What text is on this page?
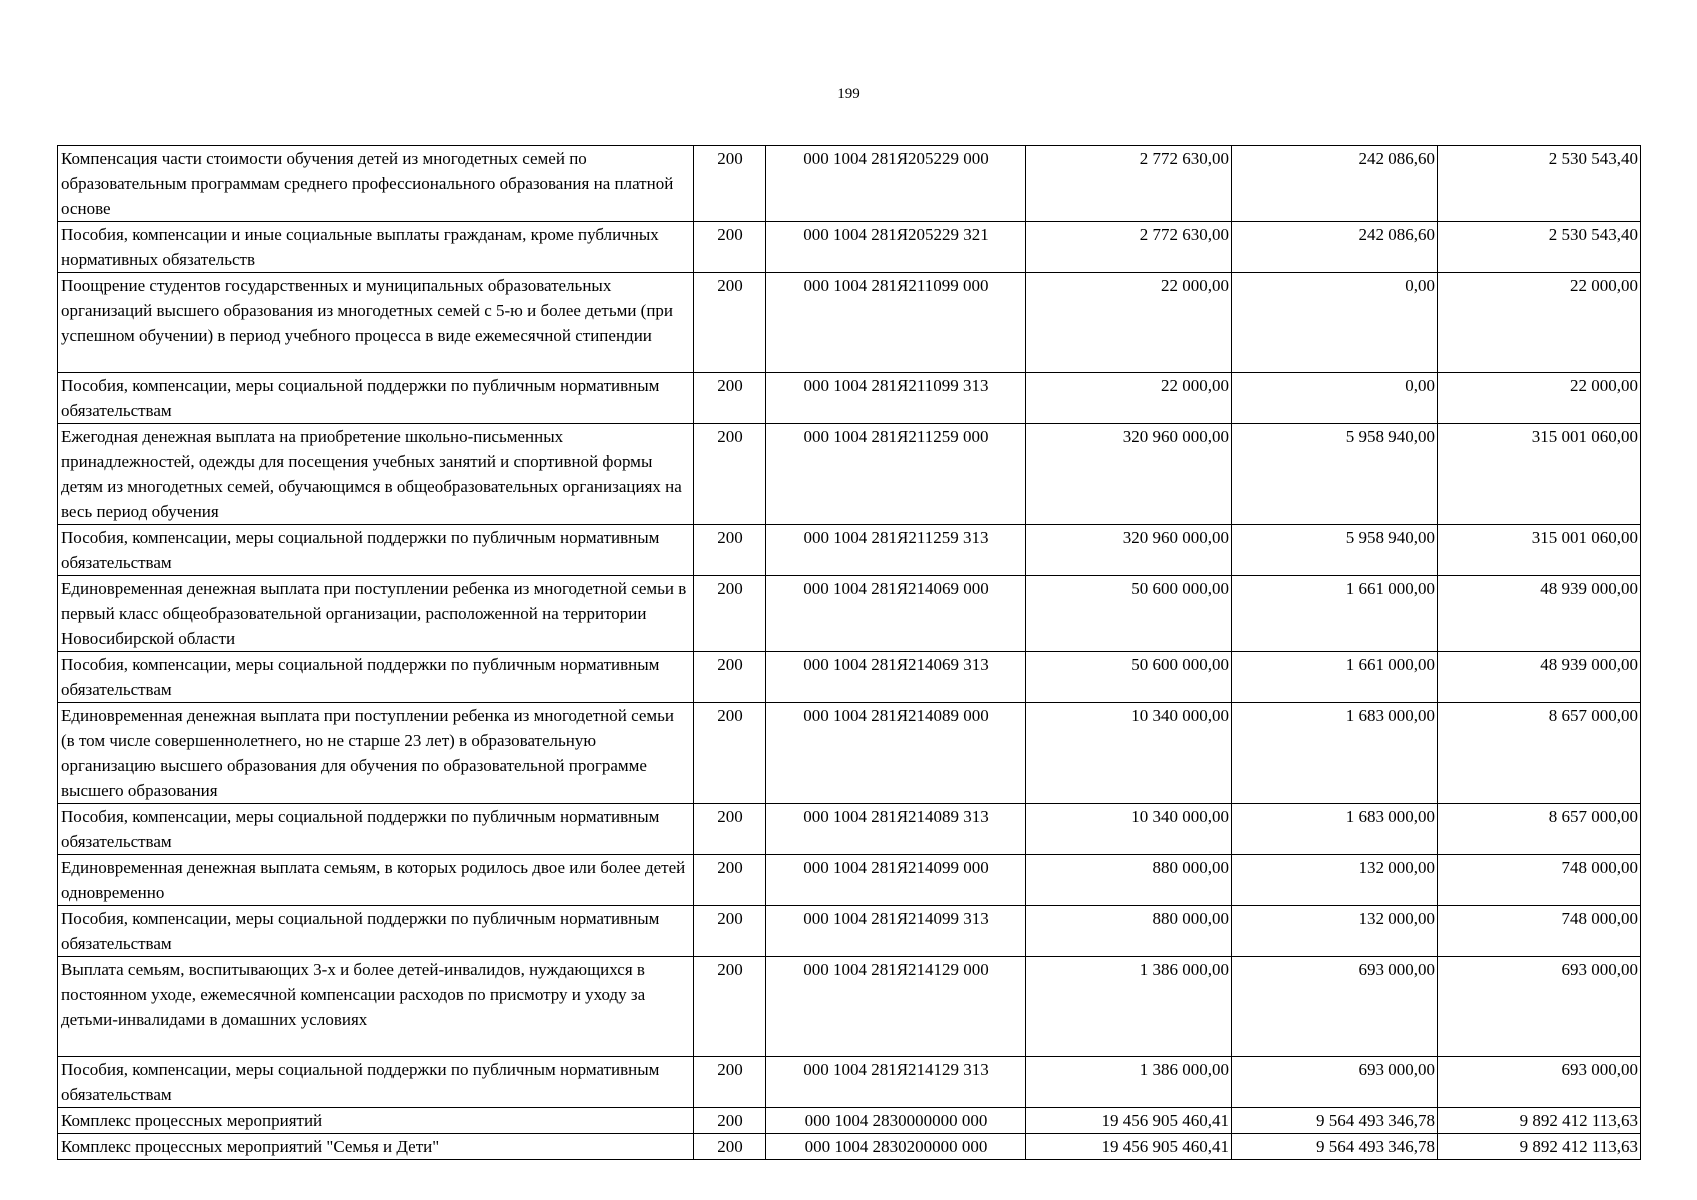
199
Компенсация части стоимости обучения детей из многодетных семей по образовательным программам среднего профессионального образования на платной основе	200	000 1004 281Я205229 000	2 772 630,00	242 086,60	2 530 543,40
Пособия, компенсации и иные социальные выплаты гражданам, кроме публичных нормативных обязательств	200	000 1004 281Я205229 321	2 772 630,00	242 086,60	2 530 543,40
Поощрение студентов государственных и муниципальных образовательных организаций высшего образования из многодетных семей с 5-ю и более детьми (при успешном обучении) в период учебного процесса в виде ежемесячной стипендии	200	000 1004 281Я211099 000	22 000,00	0,00	22 000,00
Пособия, компенсации, меры социальной поддержки по публичным нормативным обязательствам	200	000 1004 281Я211099 313	22 000,00	0,00	22 000,00
Ежегодная денежная выплата на приобретение школьно-письменных принадлежностей, одежды для посещения учебных занятий и спортивной формы детям из многодетных семей, обучающимся в общеобразовательных организациях на весь период обучения	200	000 1004 281Я211259 000	320 960 000,00	5 958 940,00	315 001 060,00
Пособия, компенсации, меры социальной поддержки по публичным нормативным обязательствам	200	000 1004 281Я211259 313	320 960 000,00	5 958 940,00	315 001 060,00
Единовременная денежная выплата при поступлении ребенка из многодетной семьи в первый класс общеобразовательной организации, расположенной на территории Новосибирской области	200	000 1004 281Я214069 000	50 600 000,00	1 661 000,00	48 939 000,00
Пособия, компенсации, меры социальной поддержки по публичным нормативным обязательствам	200	000 1004 281Я214069 313	50 600 000,00	1 661 000,00	48 939 000,00
Единовременная денежная выплата при поступлении ребенка из многодетной семьи (в том числе совершеннолетнего, но не старше 23 лет) в образовательную организацию высшего образования для обучения по образовательной программе высшего образования	200	000 1004 281Я214089 000	10 340 000,00	1 683 000,00	8 657 000,00
Пособия, компенсации, меры социальной поддержки по публичным нормативным обязательствам	200	000 1004 281Я214089 313	10 340 000,00	1 683 000,00	8 657 000,00
Единовременная денежная выплата семьям, в которых родилось двое или более детей одновременно	200	000 1004 281Я214099 000	880 000,00	132 000,00	748 000,00
Пособия, компенсации, меры социальной поддержки по публичным нормативным обязательствам	200	000 1004 281Я214099 313	880 000,00	132 000,00	748 000,00
Выплата семьям, воспитывающих 3-х и более детей-инвалидов, нуждающихся в постоянном уходе, ежемесячной компенсации расходов по присмотру и уходу за детьми-инвалидами в домашних условиях	200	000 1004 281Я214129 000	1 386 000,00	693 000,00	693 000,00
Пособия, компенсации, меры социальной поддержки по публичным нормативным обязательствам	200	000 1004 281Я214129 313	1 386 000,00	693 000,00	693 000,00
Комплекс процессных мероприятий	200	000 1004 2830000000 000	19 456 905 460,41	9 564 493 346,78	9 892 412 113,63
Комплекс процессных мероприятий "Семья и Дети"	200	000 1004 2830200000 000	19 456 905 460,41	9 564 493 346,78	9 892 412 113,63
